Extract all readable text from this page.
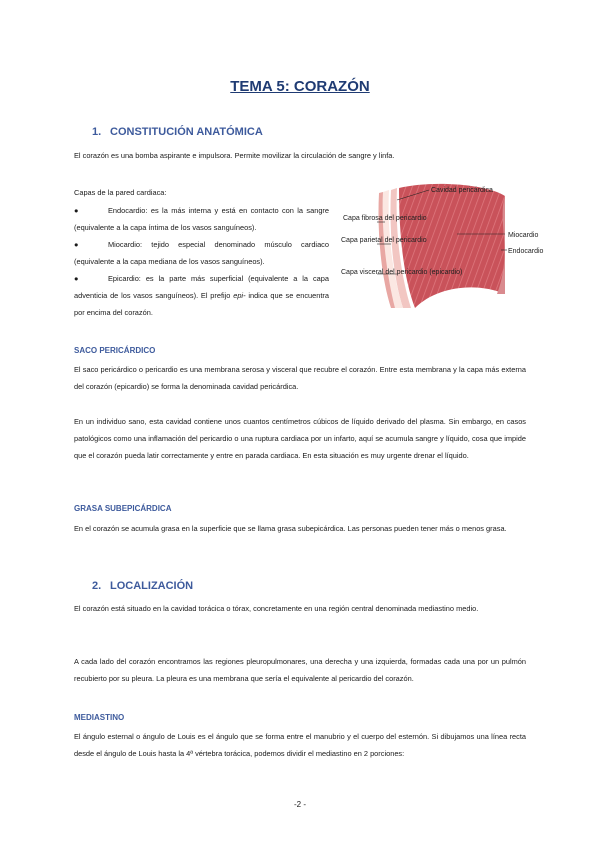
TEMA 5: CORAZÓN
1. CONSTITUCIÓN ANATÓMICA
El corazón es una bomba aspirante e impulsora. Permite movilizar la circulación de sangre y linfa.
Capas de la pared cardiaca:
●	Endocardio: es la más interna y está en contacto con la sangre (equivalente a la capa íntima de los vasos sanguíneos).
●	Miocardio: tejido especial denominado músculo cardiaco (equivalente a la capa mediana de los vasos sanguíneos).
●	Epicardio: es la parte más superficial (equivalente a la capa adventicia de los vasos sanguíneos). El prefijo epi- indica que se encuentra por encima del corazón.
Cavidad pericárdica
Capa fibrosa del pericardio
Capa parietal del pericardio
Capa visceral del pericardio (epicardio)
Miocardio
Endocardio
SACO PERICÁRDICO
El saco pericárdico o pericardio es una membrana serosa y visceral que recubre el corazón. Entre esta membrana y la capa más externa del corazón (epicardio) se forma la denominada cavidad pericárdica.
En un individuo sano, esta cavidad contiene unos cuantos centímetros cúbicos de líquido derivado del plasma. Sin embargo, en casos patológicos como una inflamación del pericardio o una ruptura cardiaca por un infarto, aquí se acumula sangre y líquido, cosa que impide que el corazón pueda latir correctamente y entre en parada cardiaca. En esta situación es muy urgente drenar el líquido.
GRASA SUBEPICÁRDICA
En el corazón se acumula grasa en la superficie que se llama grasa subepicárdica. Las personas pueden tener más o menos grasa.
2. LOCALIZACIÓN
El corazón está situado en la cavidad torácica o tórax, concretamente en una región central denominada mediastino medio.
A cada lado del corazón encontramos las regiones pleuropulmonares, una derecha y una izquierda, formadas cada una por un pulmón recubierto por su pleura. La pleura es una membrana que sería el equivalente al pericardio del corazón.
MEDIASTINO
El ángulo esternal o ángulo de Louis es el ángulo que se forma entre el manubrio y el cuerpo del esternón. Si dibujamos una línea recta desde el ángulo de Louis hasta la 4ª vértebra torácica, podemos dividir el mediastino en 2 porciones:
-2 -
